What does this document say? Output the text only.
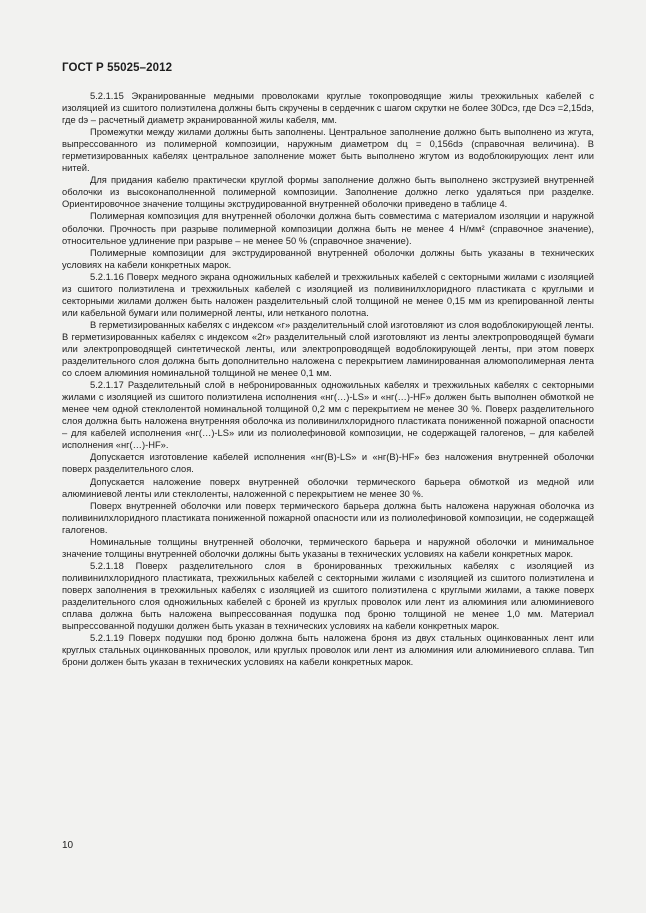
ГОСТ Р 55025–2012

5.2.1.15 Экранированные медными проволоками круглые токопроводящие жилы трехжильных кабелей с изоляцией из сшитого полиэтилена должны быть скручены в сердечник с шагом скрутки не более 30Dсэ, где Dсэ =2,15dэ, где dэ – расчетный диаметр экранированной жилы кабеля, мм.

Промежутки между жилами должны быть заполнены. Центральное заполнение должно быть выполнено из жгута, выпрессованного из полимерной композиции, наружным диаметром dц = 0,156dэ (справочная величина). В герметизированных кабелях центральное заполнение может быть выполнено жгутом из водоблокирующих лент или нитей.

Для придания кабелю практически круглой формы заполнение должно быть выполнено экструзией внутренней оболочки из высоконаполненной полимерной композиции. Заполнение должно легко удаляться при разделке. Ориентировочное значение толщины экструдированной внутренней оболочки приведено в таблице 4.

Полимерная композиция для внутренней оболочки должна быть совместима с материалом изоляции и наружной оболочки. Прочность при разрыве полимерной композиции должна быть не менее 4 Н/мм² (справочное значение), относительное удлинение при разрыве – не менее 50 % (справочное значение).

Полимерные композиции для экструдированной внутренней оболочки должны быть указаны в технических условиях на кабели конкретных марок.

5.2.1.16 Поверх медного экрана одножильных кабелей и трехжильных кабелей с секторными жилами с изоляцией из сшитого полиэтилена и трехжильных кабелей с изоляцией из поливинилхлоридного пластиката с круглыми и секторными жилами должен быть наложен разделительный слой толщиной не менее 0,15 мм из крепированной ленты или кабельной бумаги или полимерной ленты, или нетканого полотна.

В герметизированных кабелях с индексом «г» разделительный слой изготовляют из слоя водоблокирующей ленты. В герметизированных кабелях с индексом «2г» разделительный слой изготовляют из ленты электропроводящей бумаги или электропроводящей синтетической ленты, или электропроводящей водоблокирующей ленты, при этом поверх разделительного слоя должна быть дополнительно наложена с перекрытием ламинированная алюмополимерная лента со слоем алюминия номинальной толщиной не менее 0,1 мм.

5.2.1.17 Разделительный слой в небронированных одножильных кабелях и трехжильных кабелях с секторными жилами с изоляцией из сшитого полиэтилена исполнения «нг(…)-LS» и «нг(…)-HF» должен быть выполнен обмоткой не менее чем одной стеклолентой номинальной толщиной 0,2 мм с перекрытием не менее 30 %. Поверх разделительного слоя должна быть наложена внутренняя оболочка из поливинилхлоридного пластиката пониженной пожарной опасности – для кабелей исполнения «нг(…)-LS» или из полиолефиновой композиции, не содержащей галогенов, – для кабелей исполнения «нг(…)-HF».

Допускается изготовление кабелей исполнения «нг(В)-LS» и «нг(В)-HF» без наложения внутренней оболочки поверх разделительного слоя.

Допускается наложение поверх внутренней оболочки термического барьера обмоткой из медной или алюминиевой ленты или стеклоленты, наложенной с перекрытием не менее 30 %.

Поверх внутренней оболочки или поверх термического барьера должна быть наложена наружная оболочка из поливинилхлоридного пластиката пониженной пожарной опасности или из полиолефиновой композиции, не содержащей галогенов.

Номинальные толщины внутренней оболочки, термического барьера и наружной оболочки и минимальное значение толщины внутренней оболочки должны быть указаны в технических условиях на кабели конкретных марок.

5.2.1.18 Поверх разделительного слоя в бронированных трехжильных кабелях с изоляцией из поливинилхлоридного пластиката, трехжильных кабелей с секторными жилами с изоляцией из сшитого полиэтилена и поверх заполнения в трехжильных кабелях с изоляцией из сшитого полиэтилена с круглыми жилами, а также поверх разделительного слоя одножильных кабелей с броней из круглых проволок или лент из алюминия или алюминиевого сплава должна быть наложена выпрессованная подушка под броню толщиной не менее 1,0 мм. Материал выпрессованной подушки должен быть указан в технических условиях на кабели конкретных марок.

5.2.1.19 Поверх подушки под броню должна быть наложена броня из двух стальных оцинкованных лент или круглых стальных оцинкованных проволок, или круглых проволок или лент из алюминия или алюминиевого сплава. Тип брони должен быть указан в технических условиях на кабели конкретных марок.

10
